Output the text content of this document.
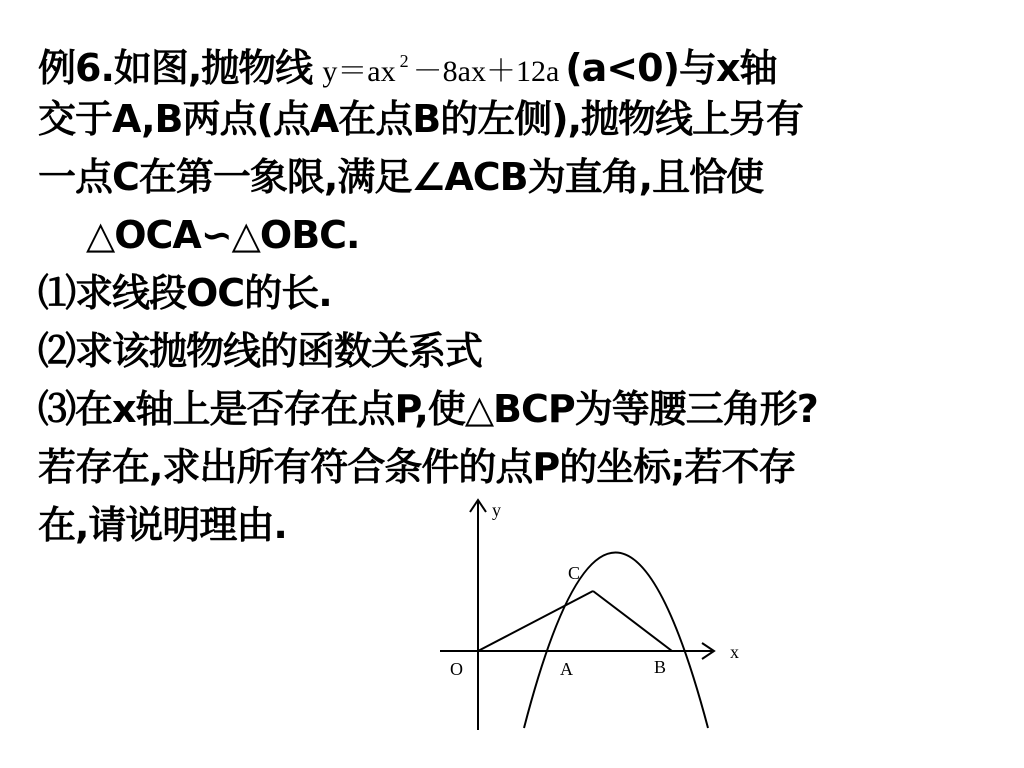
例6.如图,抛物线 y＝ax $^2$ －8ax＋12a (a<0)与x轴
交于A,B两点(点A在点B的左侧),抛物线上另有
一点C在第一象限,满足∠ACB为直角,且恰使
△OCA∽△OBC.
⑴求线段OC的长.
⑵求该抛物线的函数关系式
⑶在x轴上是否存在点P,使△BCP为等腰三角形?
若存在,求出所有符合条件的点P的坐标;若不存
在,请说明理由.	y
x
O	A	B
C
